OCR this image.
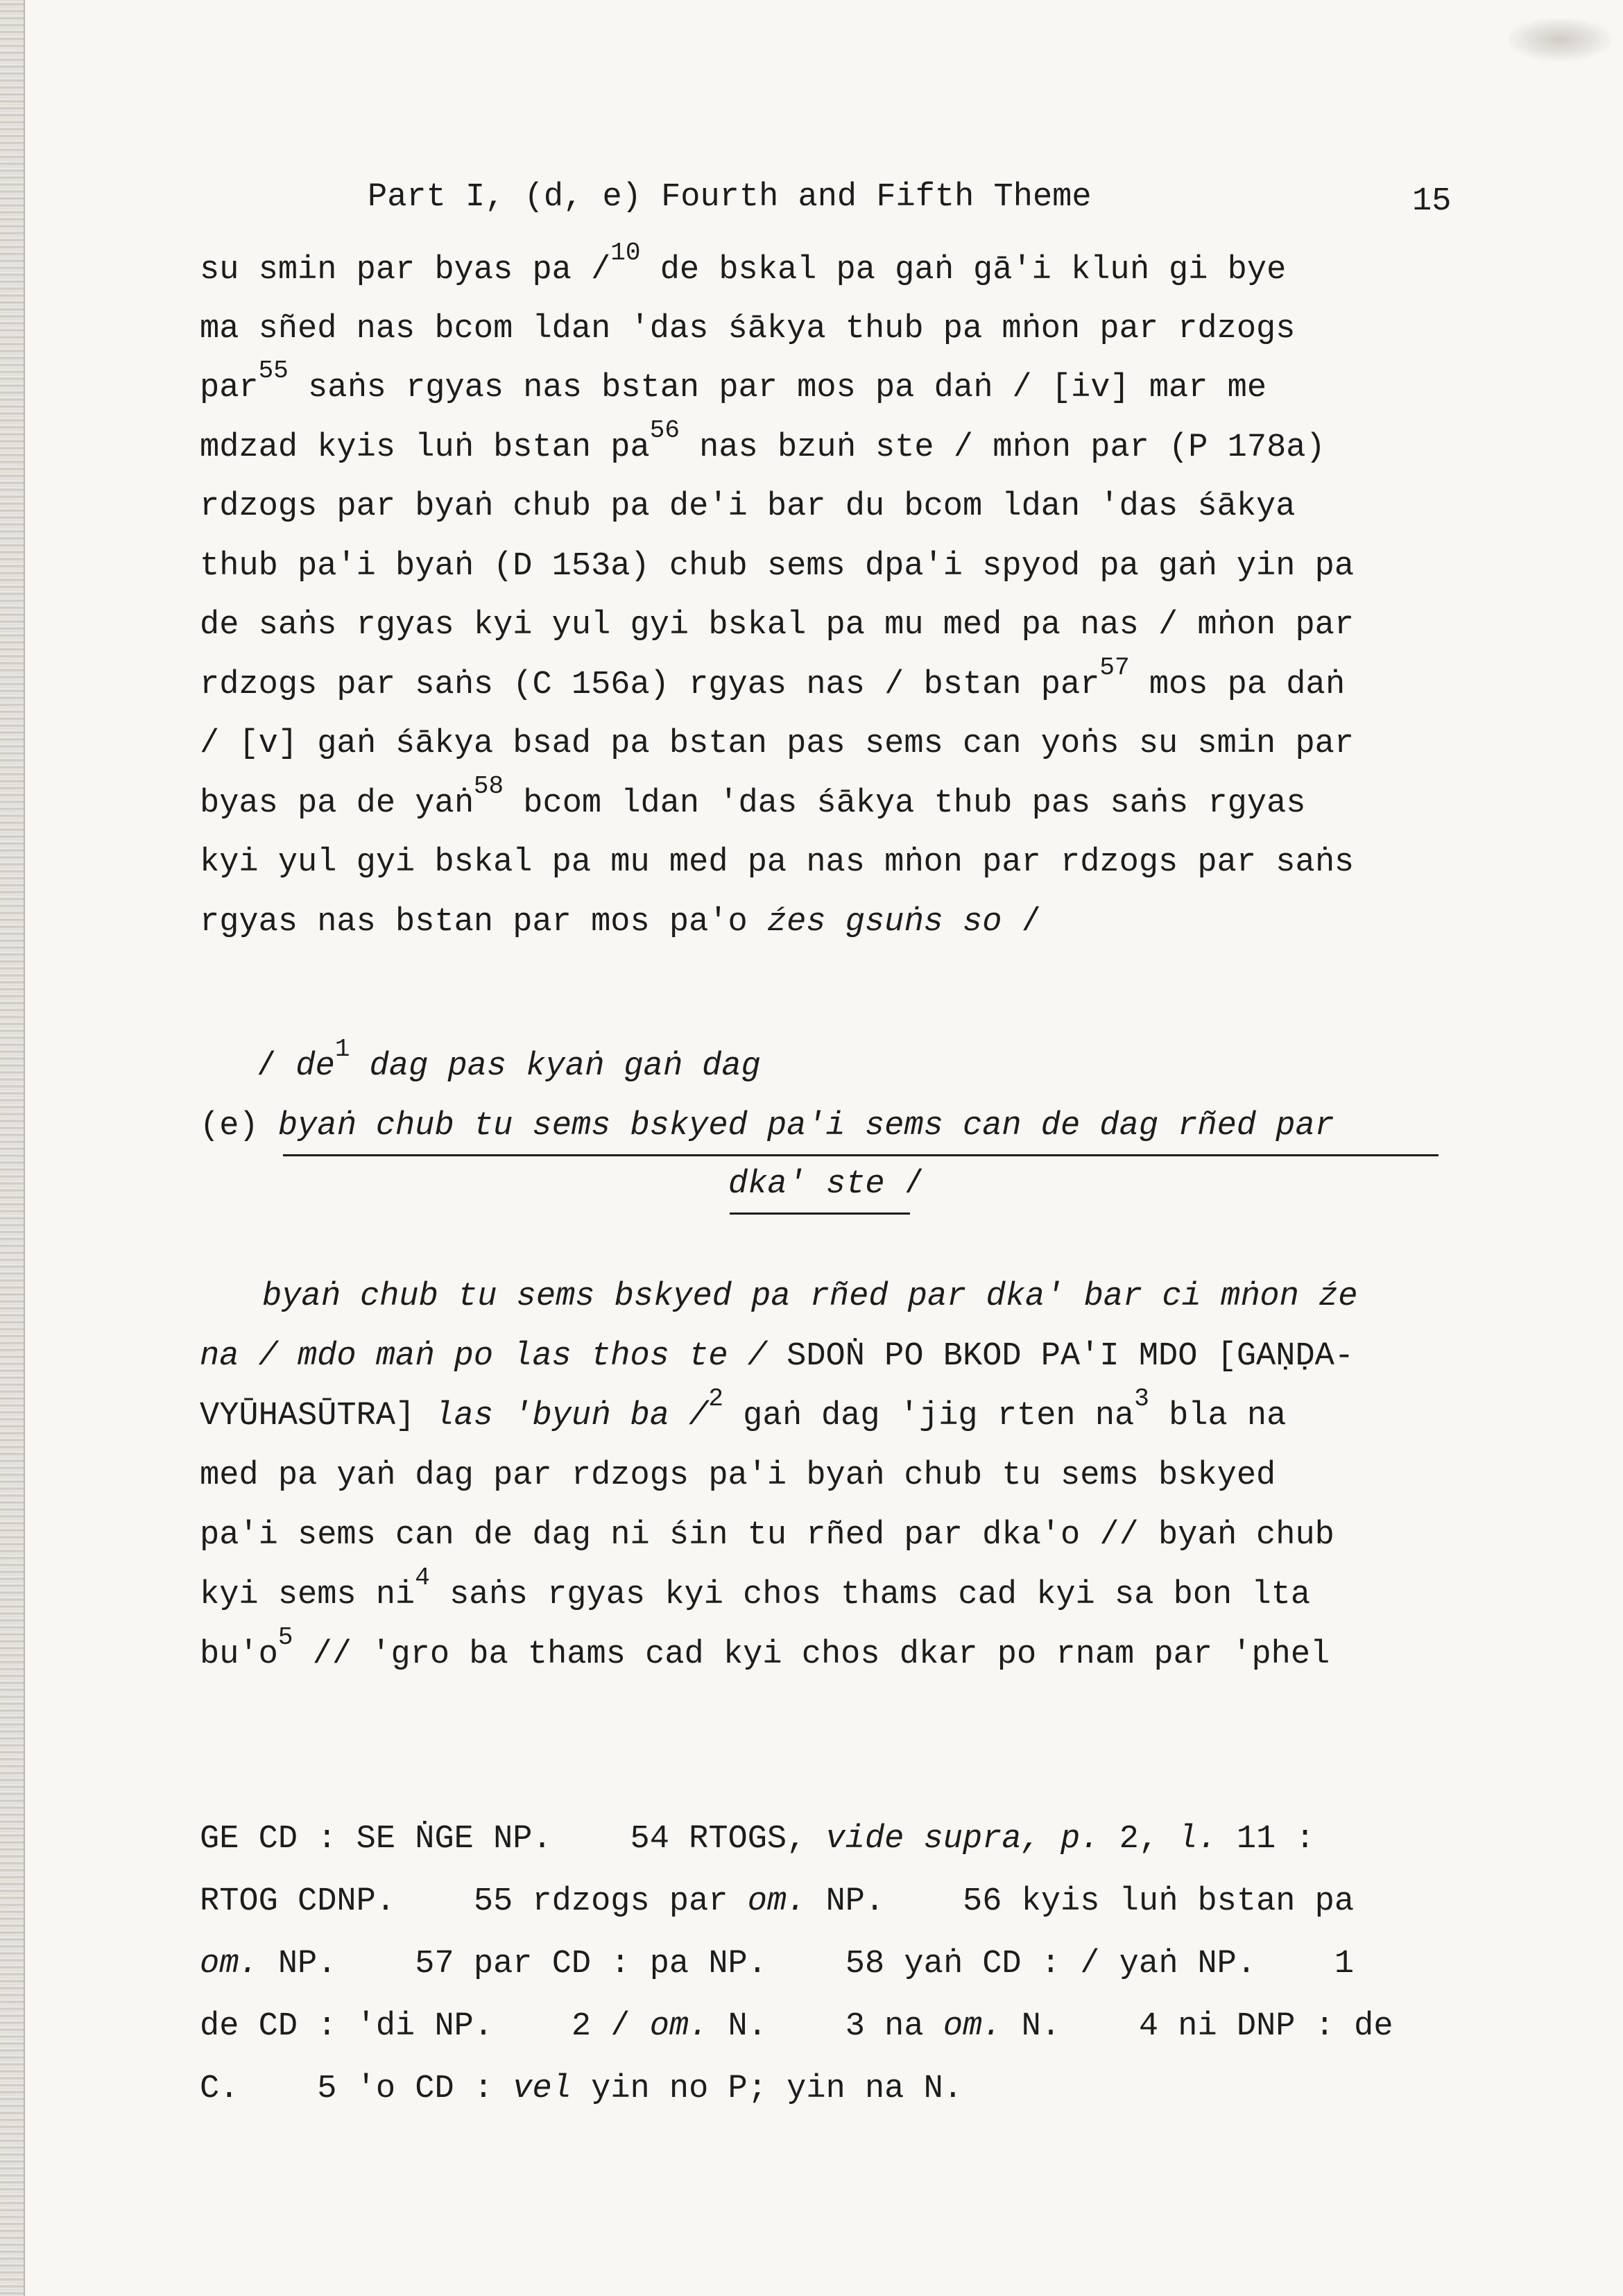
Part I, (d, e) Fourth and Fifth Theme	15
su smin par byas pa /$^{10}$ de bskal pa gaṅ gā'i kluṅ gi bye
ma sñed nas bcom ldan 'das śākya thub pa mṅon par rdzogs
par$^{55}$ saṅs rgyas nas bstan par mos pa daṅ / [iv] mar me
mdzad kyis luṅ bstan $pa^{56}$ nas bzuṅ ste / mṅon par (P 178a)
rdzogs par byaṅ chub pa de'i bar du bcom ldan 'das śākya
thub pa'i byaṅ (D 153a) chub sems dpa'i spyod pa gaṅ yin pa
de saṅs rgyas kyi yul gyi bskal pa mu med pa nas / mṅon par
rdzogs par saṅs (C 156a) rgyas nas / bstan par$^{57}$ mos pa daṅ
/ [v] gaṅ śākya bsad pa bstan pas sems can yoṅs su smin par
byas pa de yaṅ$^{58}$ bcom ldan 'das śākya thub pas saṅs rgyas
kyi yul gyi bskal pa mu med pa nas mṅon par rdzogs par saṅs
rgyas nas bstan par mos pa'o źes gsuṅs so /
/ $de^1$ dag pas kyaṅ gaṅ dag
(e) byaṅ chub tu sems bskyed pa'i sems can de dag rñed par
dka' ste /
byaṅ chub tu sems bskyed pa rñed par dka' bar ci mṅon źe
na / mdo maṅ po las thos te / SDOṄ PO BKOD PA'I MDO [GAṆḌA-
VYŪHASŪTRA] las 'byuṅ ba /$^2$ gaṅ dag 'jig rten $na^3$ bla na
med pa yaṅ dag par rdzogs pa'i byaṅ chub tu sems bskyed
pa'i sems can de dag ni śin tu rñed par dka'o // byaṅ chub
kyi sems $ni^4$ saṅs rgyas kyi chos thams cad kyi sa bon lta
$bu'o^5$ // 'gro ba thams cad kyi chos dkar po rnam par 'phel
GE CD : SE ṄGE NP.    54 RTOGS, vide supra, p. 2, l. 11 :
RTOG CDNP.    55 rdzogs par om. NP.    56 kyis luṅ bstan pa
om. NP.    57 par CD : pa NP.    58 yaṅ CD : / yaṅ NP.    1
de CD : 'di NP.    2 / om. N.    3 na om. N.    4 ni DNP : de
C.    5 'o CD : vel yin no P; yin na N.
